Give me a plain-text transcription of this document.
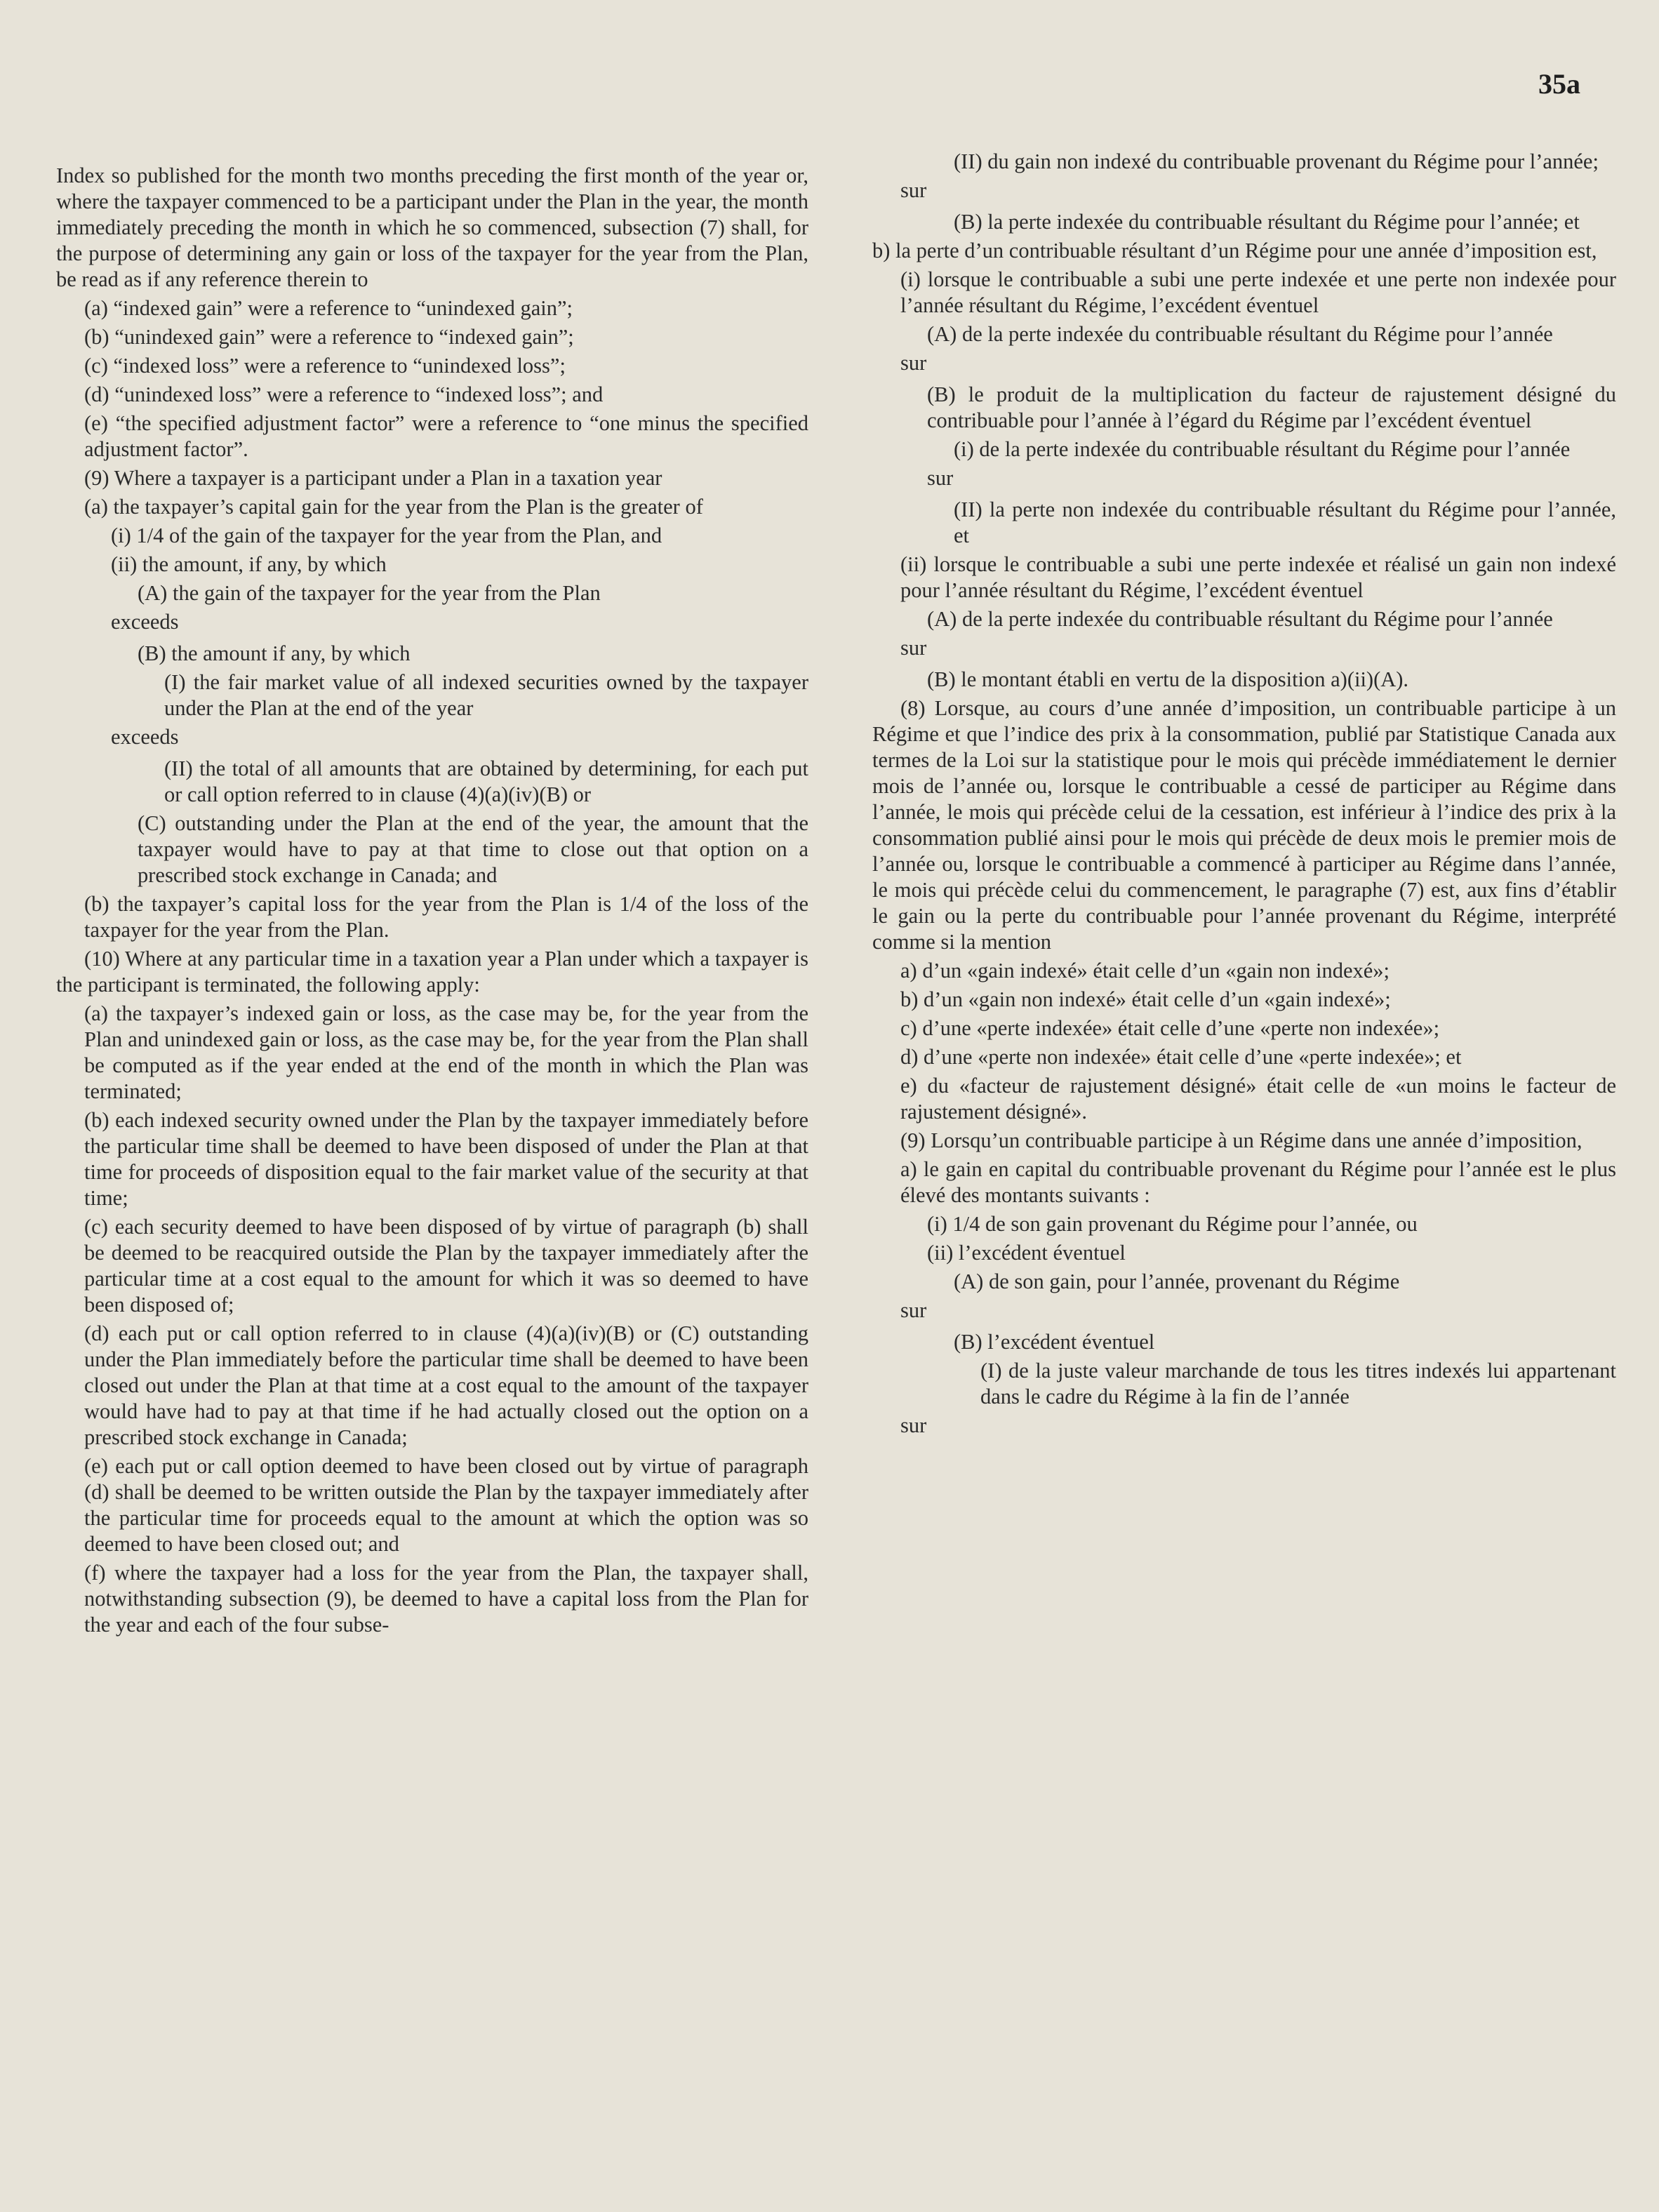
35a

Index so published for the month two months preceding the first month of the year or, where the taxpayer commenced to be a participant under the Plan in the year, the month immediately preceding the month in which he so commenced, subsection (7) shall, for the purpose of determining any gain or loss of the taxpayer for the year from the Plan, be read as if any reference therein to

(a) “indexed gain” were a reference to “unindexed gain”;

(b) “unindexed gain” were a reference to “indexed gain”;

(c) “indexed loss” were a reference to “unindexed loss”;

(d) “unindexed loss” were a reference to “indexed loss”; and

(e) “the specified adjustment factor” were a reference to “one minus the specified adjustment factor”.

(9) Where a taxpayer is a participant under a Plan in a taxation year

(a) the taxpayer’s capital gain for the year from the Plan is the greater of

(i) 1/4 of the gain of the taxpayer for the year from the Plan, and

(ii) the amount, if any, by which

(A) the gain of the taxpayer for the year from the Plan

exceeds

(B) the amount if any, by which

(I) the fair market value of all indexed securities owned by the taxpayer under the Plan at the end of the year

exceeds

(II) the total of all amounts that are obtained by determining, for each put or call option referred to in clause (4)(a)(iv)(B) or

(C) outstanding under the Plan at the end of the year, the amount that the taxpayer would have to pay at that time to close out that option on a prescribed stock exchange in Canada; and

(b) the taxpayer’s capital loss for the year from the Plan is 1/4 of the loss of the taxpayer for the year from the Plan.

(10) Where at any particular time in a taxation year a Plan under which a taxpayer is the participant is terminated, the following apply:

(a) the taxpayer’s indexed gain or loss, as the case may be, for the year from the Plan and unindexed gain or loss, as the case may be, for the year from the Plan shall be computed as if the year ended at the end of the month in which the Plan was terminated;

(b) each indexed security owned under the Plan by the taxpayer immediately before the particular time shall be deemed to have been disposed of under the Plan at that time for proceeds of disposition equal to the fair market value of the security at that time;

(c) each security deemed to have been disposed of by virtue of paragraph (b) shall be deemed to be reacquired outside the Plan by the taxpayer immediately after the particular time at a cost equal to the amount for which it was so deemed to have been disposed of;

(d) each put or call option referred to in clause (4)(a)(iv)(B) or (C) outstanding under the Plan immediately before the particular time shall be deemed to have been closed out under the Plan at that time at a cost equal to the amount of the taxpayer would have had to pay at that time if he had actually closed out the option on a prescribed stock exchange in Canada;

(e) each put or call option deemed to have been closed out by virtue of paragraph (d) shall be deemed to be written outside the Plan by the taxpayer immediately after the particular time for proceeds equal to the amount at which the option was so deemed to have been closed out; and

(f) where the taxpayer had a loss for the year from the Plan, the taxpayer shall, notwithstanding subsection (9), be deemed to have a capital loss from the Plan for the year and each of the four subse-

(II) du gain non indexé du contribuable provenant du Régime pour l’année;

sur

(B) la perte indexée du contribuable résultant du Régime pour l’année; et

b) la perte d’un contribuable résultant d’un Régime pour une année d’imposition est,

(i) lorsque le contribuable a subi une perte indexée et une perte non indexée pour l’année résultant du Régime, l’excédent éventuel

(A) de la perte indexée du contribuable résultant du Régime pour l’année

sur

(B) le produit de la multiplication du facteur de rajustement désigné du contribuable pour l’année à l’égard du Régime par l’excédent éventuel

(i) de la perte indexée du contribuable résultant du Régime pour l’année

sur

(II) la perte non indexée du contribuable résultant du Régime pour l’année, et

(ii) lorsque le contribuable a subi une perte indexée et réalisé un gain non indexé pour l’année résultant du Régime, l’excédent éventuel

(A) de la perte indexée du contribuable résultant du Régime pour l’année

sur

(B) le montant établi en vertu de la disposition a)(ii)(A).

(8) Lorsque, au cours d’une année d’imposition, un contribuable participe à un Régime et que l’indice des prix à la consommation, publié par Statistique Canada aux termes de la Loi sur la statistique pour le mois qui précède immédiatement le dernier mois de l’année ou, lorsque le contribuable a cessé de participer au Régime dans l’année, le mois qui précède celui de la cessation, est inférieur à l’indice des prix à la consommation publié ainsi pour le mois qui précède de deux mois le premier mois de l’année ou, lorsque le contribuable a commencé à participer au Régime dans l’année, le mois qui précède celui du commencement, le paragraphe (7) est, aux fins d’établir le gain ou la perte du contribuable pour l’année provenant du Régime, interprété comme si la mention

a) d’un «gain indexé» était celle d’un «gain non indexé»;

b) d’un «gain non indexé» était celle d’un «gain indexé»;

c) d’une «perte indexée» était celle d’une «perte non indexée»;

d) d’une «perte non indexée» était celle d’une «perte indexée»; et

e) du «facteur de rajustement désigné» était celle de «un moins le facteur de rajustement désigné».

(9) Lorsqu’un contribuable participe à un Régime dans une année d’imposition,

a) le gain en capital du contribuable provenant du Régime pour l’année est le plus élevé des montants suivants :

(i) 1/4 de son gain provenant du Régime pour l’année, ou

(ii) l’excédent éventuel

(A) de son gain, pour l’année, provenant du Régime

sur

(B) l’excédent éventuel

(I) de la juste valeur marchande de tous les titres indexés lui appartenant dans le cadre du Régime à la fin de l’année

sur
